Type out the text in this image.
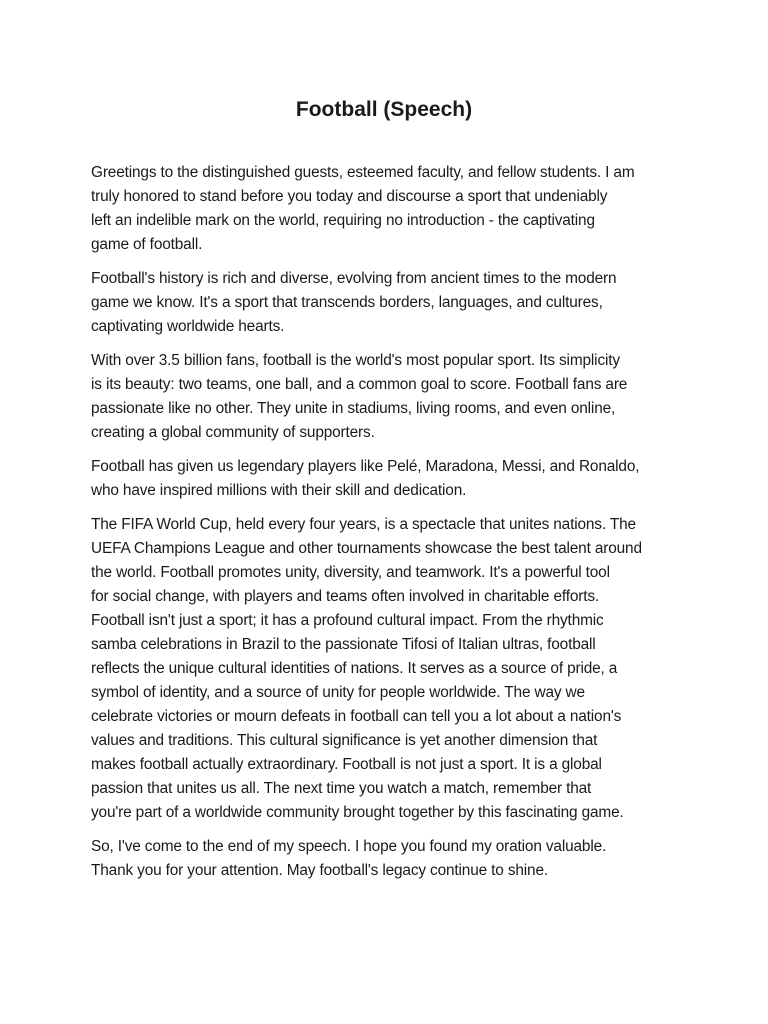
Football (Speech)

Greetings to the distinguished guests, esteemed faculty, and fellow students. I am
truly honored to stand before you today and discourse a sport that undeniably
left an indelible mark on the world, requiring no introduction - the captivating
game of football.

Football's history is rich and diverse, evolving from ancient times to the modern
game we know. It's a sport that transcends borders, languages, and cultures,
captivating worldwide hearts.

With over 3.5 billion fans, football is the world's most popular sport. Its simplicity
is its beauty: two teams, one ball, and a common goal to score. Football fans are
passionate like no other. They unite in stadiums, living rooms, and even online,
creating a global community of supporters.

Football has given us legendary players like Pelé, Maradona, Messi, and Ronaldo,
who have inspired millions with their skill and dedication.

The FIFA World Cup, held every four years, is a spectacle that unites nations. The
UEFA Champions League and other tournaments showcase the best talent around
the world. Football promotes unity, diversity, and teamwork. It's a powerful tool
for social change, with players and teams often involved in charitable efforts.
Football isn't just a sport; it has a profound cultural impact. From the rhythmic
samba celebrations in Brazil to the passionate Tifosi of Italian ultras, football
reflects the unique cultural identities of nations. It serves as a source of pride, a
symbol of identity, and a source of unity for people worldwide. The way we
celebrate victories or mourn defeats in football can tell you a lot about a nation's
values and traditions. This cultural significance is yet another dimension that
makes football actually extraordinary. Football is not just a sport. It is a global
passion that unites us all. The next time you watch a match, remember that
you're part of a worldwide community brought together by this fascinating game.

So, I've come to the end of my speech. I hope you found my oration valuable.
Thank you for your attention. May football's legacy continue to shine.
